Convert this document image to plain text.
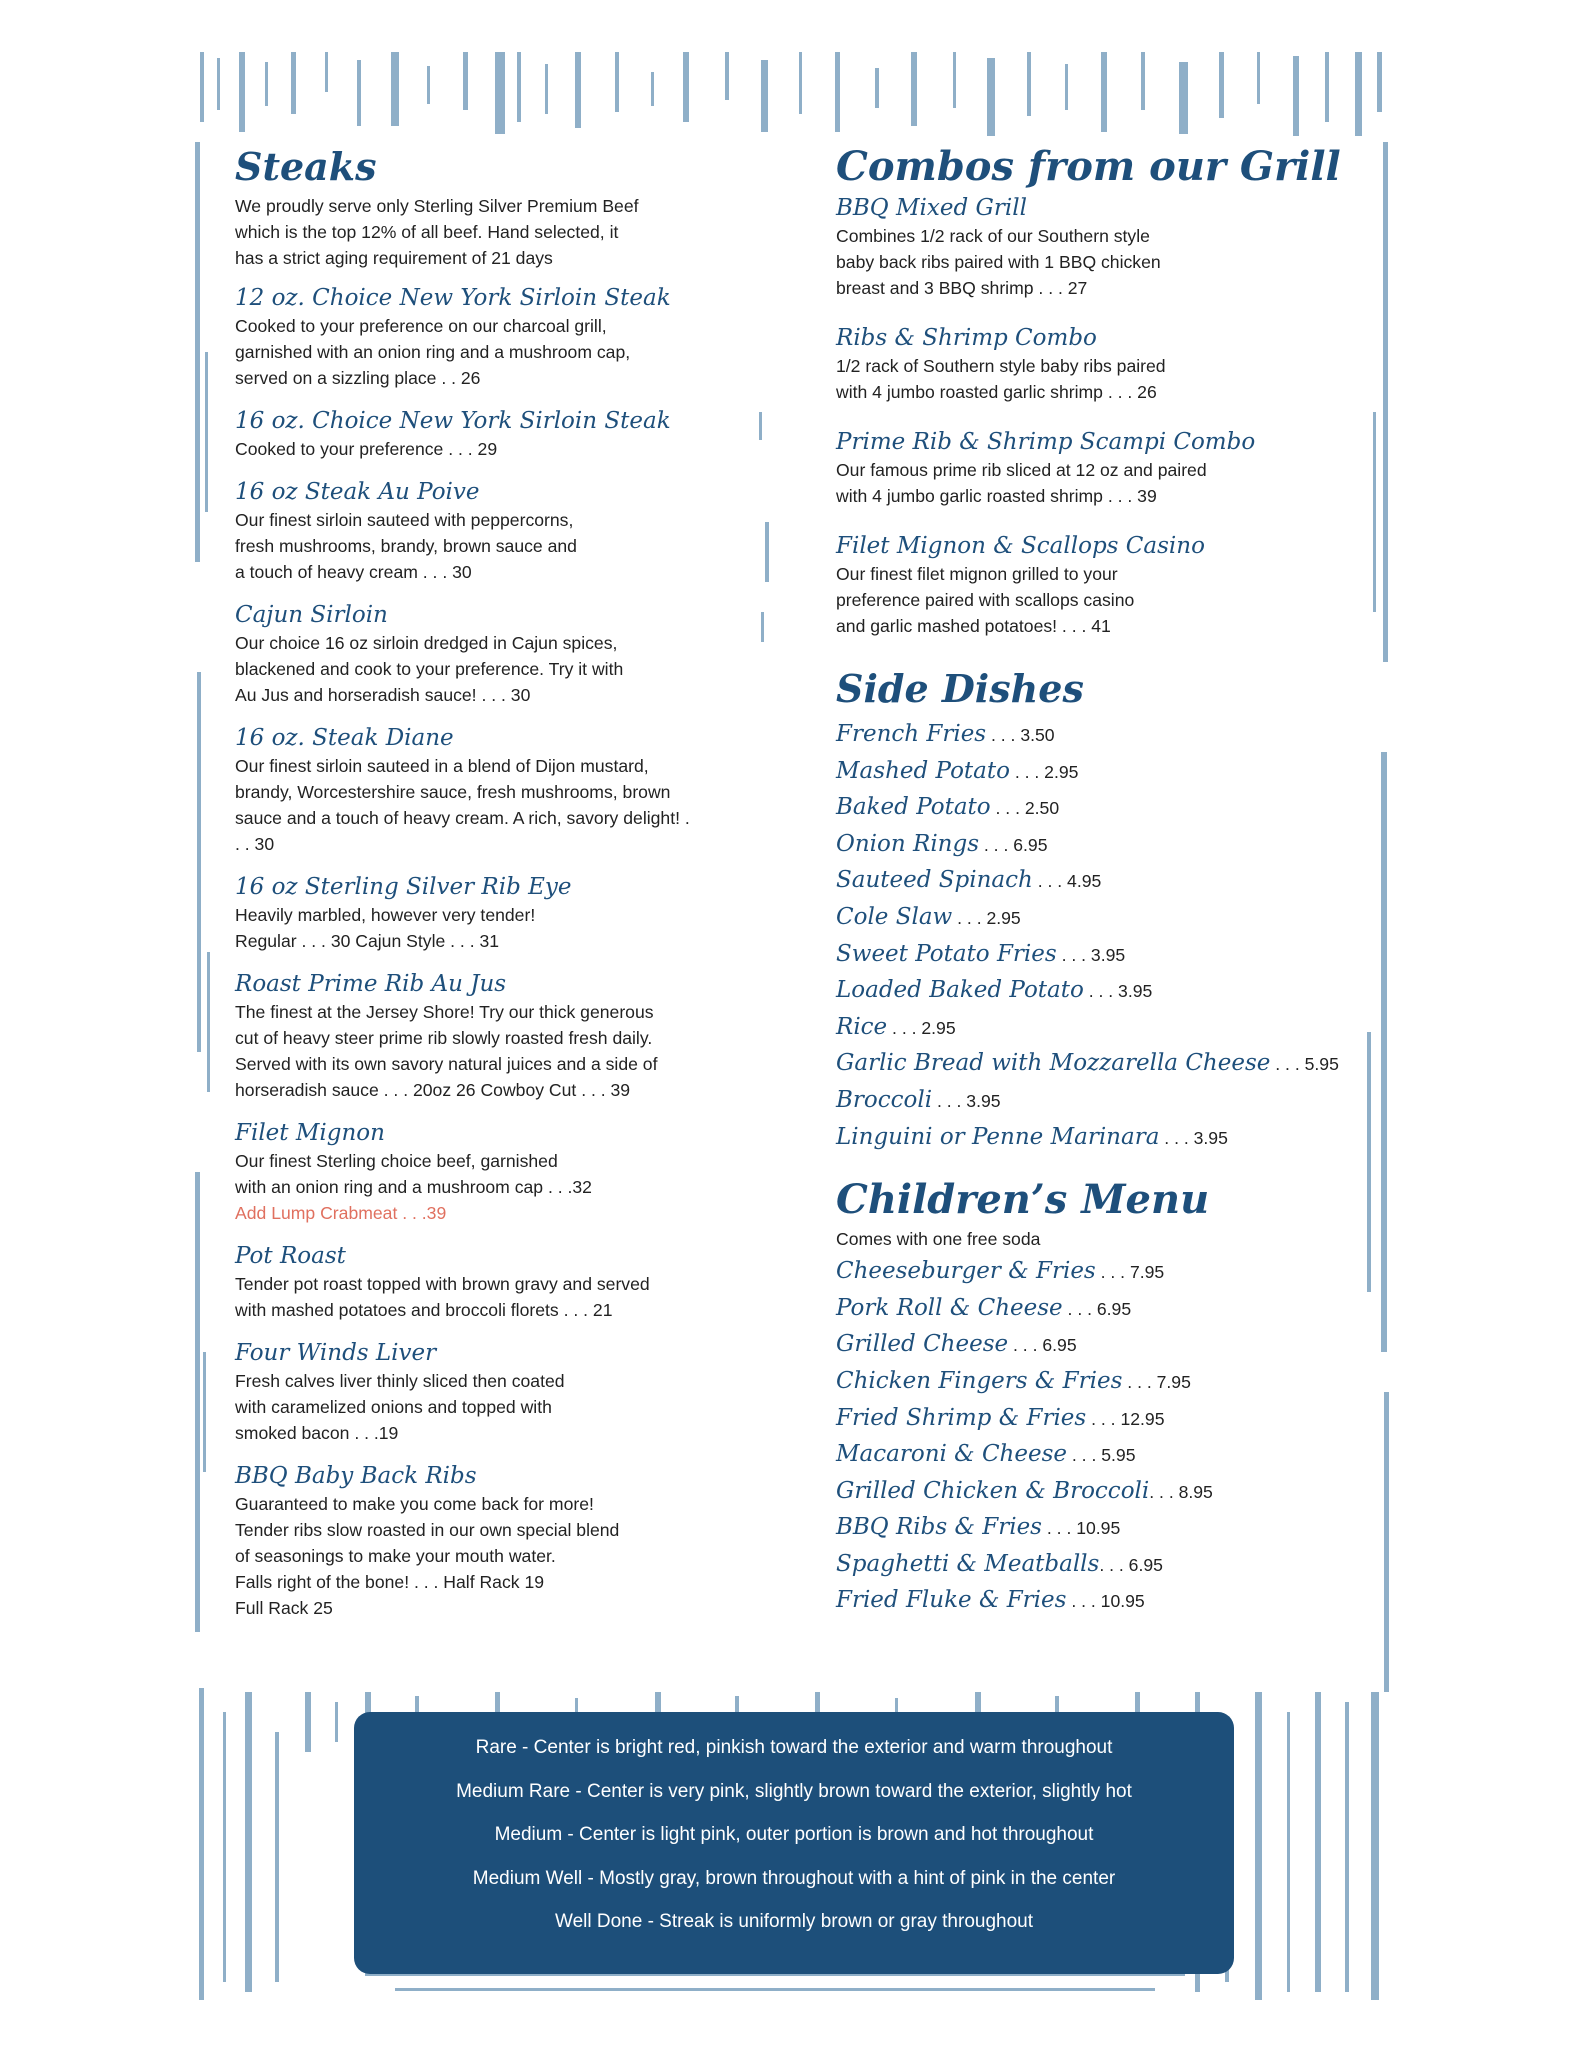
Steaks

We proudly serve only Sterling Silver Premium Beef
which is the top 12% of all beef. Hand selected, it
has a strict aging requirement of 21 days

12 oz. Choice New York Sirloin Steak

Cooked to your preference on our charcoal grill,
garnished with an onion ring and a mushroom cap,
served on a sizzling place . . 26

16 oz. Choice New York Sirloin Steak

Cooked to your preference . . . 29

16 oz Steak Au Poive

Our finest sirloin sauteed with peppercorns,
fresh mushrooms, brandy, brown sauce and
a touch of heavy cream . . . 30

Cajun Sirloin

Our choice 16 oz sirloin dredged in Cajun spices,
blackened and cook to your preference. Try it with
Au Jus and horseradish sauce! . . . 30

16 oz. Steak Diane

Our finest sirloin sauteed in a blend of Dijon mustard,
brandy, Worcestershire sauce, fresh mushrooms, brown
sauce and a touch of heavy cream. A rich, savory delight! .
. . 30

16 oz Sterling Silver Rib Eye

Heavily marbled, however very tender!
Regular . . . 30 Cajun Style . . . 31

Roast Prime Rib Au Jus

The finest at the Jersey Shore! Try our thick generous
cut of heavy steer prime rib slowly roasted fresh daily.
Served with its own savory natural juices and a side of
horseradish sauce . . . 20oz 26 Cowboy Cut . . . 39

Filet Mignon

Our finest Sterling choice beef, garnished
with an onion ring and a mushroom cap . . .32

Add Lump Crabmeat . . .39

Pot Roast

Tender pot roast topped with brown gravy and served
with mashed potatoes and broccoli florets . . . 21

Four Winds Liver

Fresh calves liver thinly sliced then coated
with caramelized onions and topped with
smoked bacon . . .19

BBQ Baby Back Ribs

Guaranteed to make you come back for more!
Tender ribs slow roasted in our own special blend
of seasonings to make your mouth water.
Falls right of the bone! . . . Half Rack 19
Full Rack 25

Combos from our Grill

BBQ Mixed Grill

Combines 1/2 rack of our Southern style
baby back ribs paired with 1 BBQ chicken
breast and 3 BBQ shrimp . . . 27

Ribs & Shrimp Combo

1/2 rack of Southern style baby ribs paired
with 4 jumbo roasted garlic shrimp . . . 26

Prime Rib & Shrimp Scampi Combo

Our famous prime rib sliced at 12 oz and paired
with 4 jumbo garlic roasted shrimp . . . 39

Filet Mignon & Scallops Casino

Our finest filet mignon grilled to your
preference paired with scallops casino
and garlic mashed potatoes! . . . 41

Side Dishes
French Fries . . . 3.50
Mashed Potato . . . 2.95
Baked Potato . . . 2.50
Onion Rings . . . 6.95
Sauteed Spinach . . . 4.95
Cole Slaw . . . 2.95
Sweet Potato Fries . . . 3.95
Loaded Baked Potato . . . 3.95
Rice . . . 2.95
Garlic Bread with Mozzarella Cheese . . . 5.95
Broccoli . . . 3.95
Linguini or Penne Marinara . . . 3.95
Children’s Menu

Comes with one free soda

Cheeseburger & Fries . . . 7.95
Pork Roll & Cheese . . . 6.95
Grilled Cheese . . . 6.95
Chicken Fingers & Fries . . . 7.95
Fried Shrimp & Fries . . . 12.95
Macaroni & Cheese . . . 5.95
Grilled Chicken & Broccoli. . . 8.95
BBQ Ribs & Fries . . . 10.95
Spaghetti & Meatballs. . . 6.95
Fried Fluke & Fries . . . 10.95
Rare - Center is bright red, pinkish toward the exterior and warm throughout
Medium Rare - Center is very pink, slightly brown toward the exterior, slightly hot
Medium - Center is light pink, outer portion is brown and hot throughout
Medium Well - Mostly gray, brown throughout with a hint of pink in the center
Well Done - Streak is uniformly brown or gray throughout
